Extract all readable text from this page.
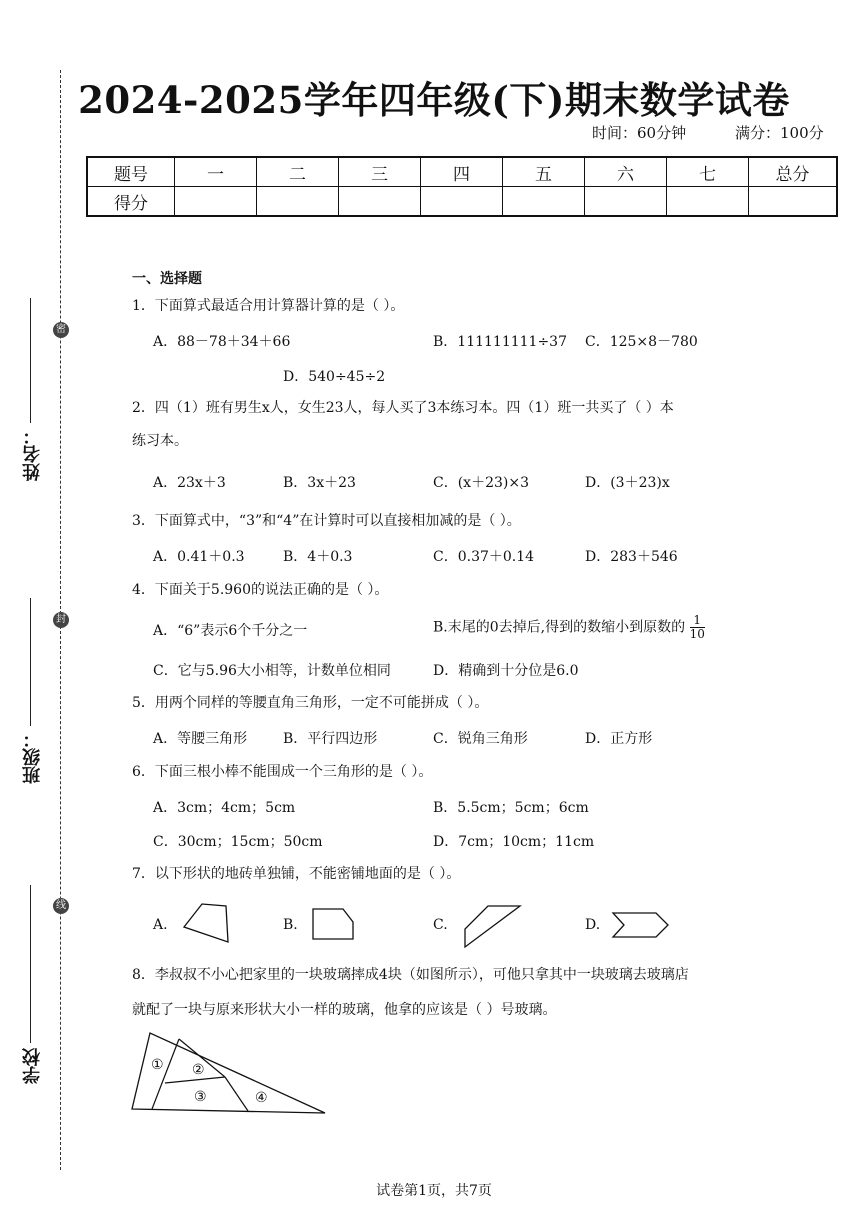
2024-2025学年四年级(下)期末数学试卷
时间：60分钟	满分：100分
题号	一	二	三	四	五	六	七	总分
得分								
姓名：
班级：
学校
密
封
线
一、选择题
1．下面算式最适合用计算器计算的是（ ）。
A．88－78＋34＋66	B．111111111÷37 C．125×8－780
D．540÷45÷2
2．四（1）班有男生x人，女生23人，每人买了3本练习本。四（1）班一共买了（ ）本
练习本。
A．23x＋3	B．3x＋23	C．(x＋23)×3	D．(3＋23)x
3．下面算式中，“3”和“4”在计算时可以直接相加减的是（ ）。
A．0.41＋0.3	B．4＋0.3	C．0.37＋0.14	D．283＋546
4．下面关于5.960的说法正确的是（ ）。
A．“6”表示6个千分之一	B.末尾的0去掉后,得到的数缩小到原数的 $\frac{1}{10}$
C．它与5.96大小相等，计数单位相同	D．精确到十分位是6.0
5．用两个同样的等腰直角三角形，一定不可能拼成（ ）。
A．等腰三角形	B．平行四边形	C．锐角三角形	D．正方形
6．下面三根小棒不能围成一个三角形的是（ ）。
A．3cm；4cm；5cm	B．5.5cm；5cm；6cm
C．30cm；15cm；50cm	D．7cm；10cm；11cm
7．以下形状的地砖单独铺，不能密铺地面的是（ ）。
A.	B.	C.	D.
8．李叔叔不小心把家里的一块玻璃摔成4块（如图所示），可他只拿其中一块玻璃去玻璃店
就配了一块与原来形状大小一样的玻璃，他拿的应该是（ ）号玻璃。
① ②
③	④
试卷第1页，共7页
